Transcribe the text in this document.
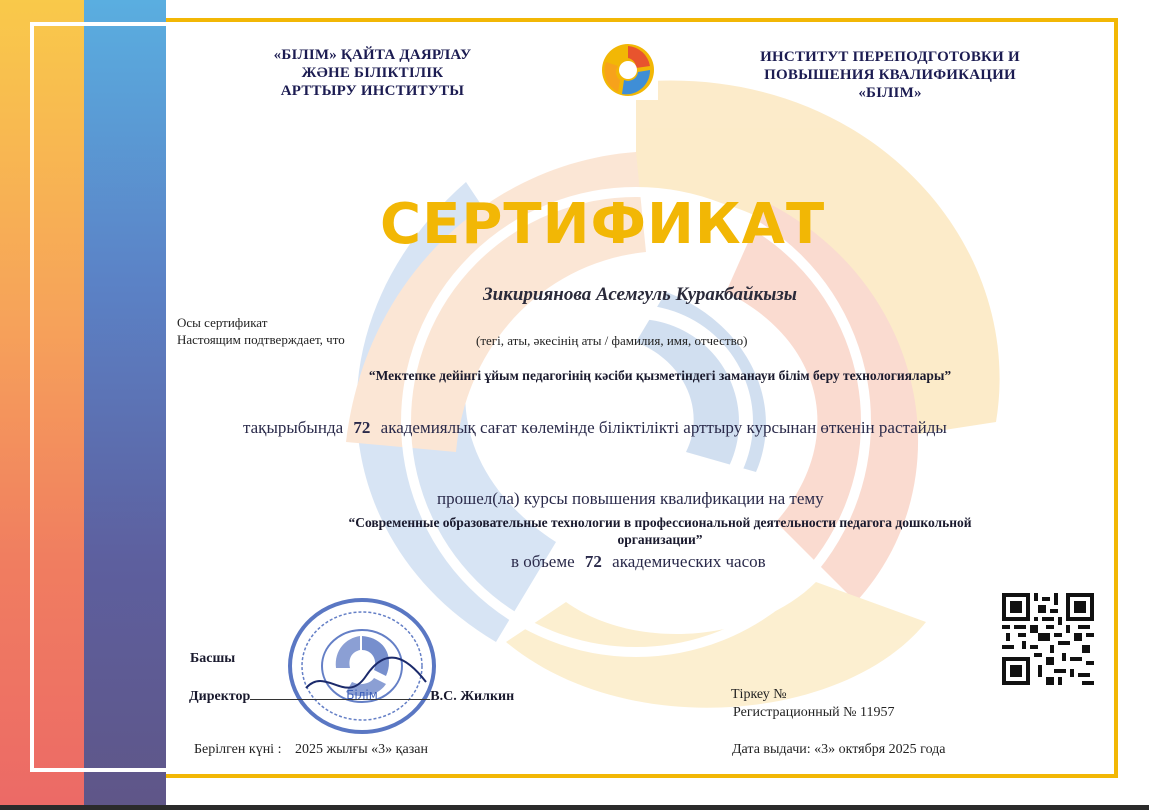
«БІЛІМ» ҚАЙТА ДАЯРЛАУ
ЖӘНЕ БІЛІКТІЛІК
АРТТЫРУ ИНСТИТУТЫ
ИНСТИТУТ ПЕРЕПОДГОТОВКИ И
ПОВЫШЕНИЯ КВАЛИФИКАЦИИ
«БІЛІМ»
СЕРТИФИКАТ
Зикириянова Асемгуль Куракбайкызы
Осы сертификат
Настоящим подтверждает, что	(тегі, аты, әкесінің аты / фамилия, имя, отчество)
“Мектепке дейінгі ұйым педагогінің кәсіби қызметіндегі заманауи білім беру технологиялары”
тақырыбында 72 академиялық сағат көлемінде біліктілікті арттыру курсынан өткенін растайды
прошел(ла) курсы повышения квалификации на тему
“Современные образовательные технологии в профессиональной деятельности педагога дошкольной
организации”
в объеме 72 академических часов
Білім
Басшы
Директор	В.С. Жилкин
Берілген күні : 2025 жылғы «3» қазан
Тіркеу №
Регистрационный № 11957
Дата выдачи: «3» октября 2025 года
